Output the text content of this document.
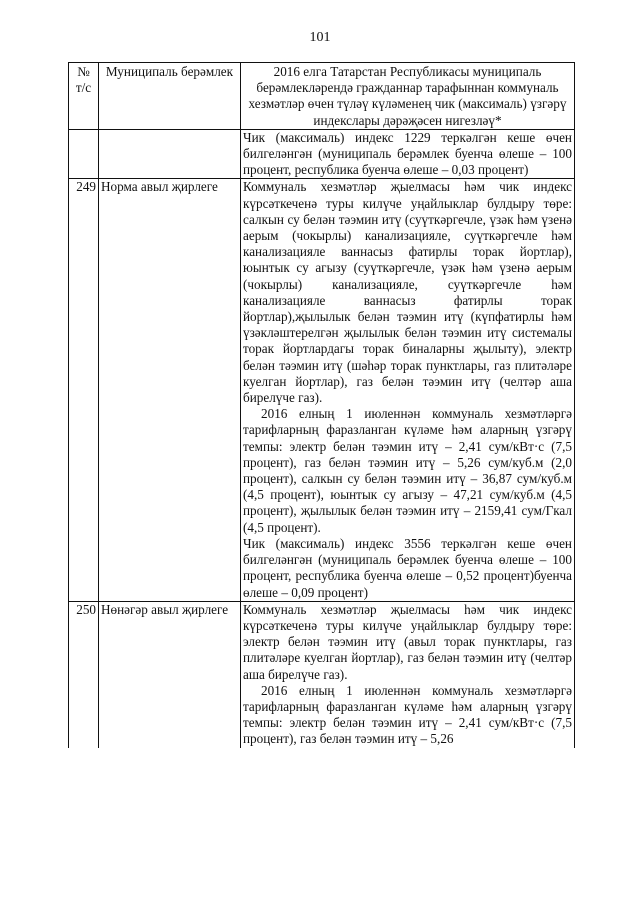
101
№ т/с	Муниципаль берәмлек	2016 елга Татарстан Республикасы муниципаль берәмлекләрендә гражданнар тарафыннан коммуналь хезмәтләр өчен түләү күләменең чик (максималь) үзгәрү индекслары дәрәҗәсен нигезләү*

		Чик (максималь) индекс 1229 теркәлгән кеше өчен билгеләнгән (муниципаль берәмлек буенча өлеше – 100 процент, республика буенча өлеше – 0,03 процент)

249	Норма авыл җирлеге	Коммуналь хезмәтләр җыелмасы һәм чик индекс күрсәткеченә туры килүче уңайлыклар булдыру төре: салкын су белән тәэмин итү (суүткәргечле, үзәк һәм үзенә аерым (чокырлы) канализацияле, суүткәргечле һәм канализацияле ваннасыз фатирлы торак йортлар), юынтык су агызу (суүткәргечле, үзәк һәм үзенә аерым (чокырлы) канализацияле, суүткәргечле һәм канализацияле ваннасыз фатирлы торак йортлар),җылылык белән тәэмин итү (күпфатирлы һәм үзәкләштерелгән җылылык белән тәэмин итү системалы торак йортлардагы торак биналарны җылыту), электр белән тәэмин итү (шәһәр торак пунктлары, газ плитәләре куелган йортлар), газ белән тәэмин итү (челтәр аша бирелүче газ).

2016 елның 1 июленнән коммуналь хезмәтләргә тарифларның фаразланган күләме һәм аларның үзгәрү темпы: электр белән тәэмин итү – 2,41 сум/кВт·с (7,5 процент), газ белән тәэмин итү – 5,26 сум/куб.м (2,0 процент), салкын су белән тәэмин итү – 36,87 сум/куб.м (4,5 процент), юынтык су агызу – 47,21 сум/куб.м (4,5 процент), җылылык белән тәэмин итү – 2159,41 сум/Гкал (4,5 процент).

Чик (максималь) индекс 3556 теркәлгән кеше өчен билгеләнгән (муниципаль берәмлек буенча өлеше – 100 процент, республика буенча өлеше – 0,52 процент)буенча өлеше – 0,09 процент)

250	Нөнәгәр авыл җирлеге	Коммуналь хезмәтләр җыелмасы һәм чик индекс күрсәткеченә туры килүче уңайлыклар булдыру төре: электр белән тәэмин итү (авыл торак пунктлары, газ плитәләре куелган йортлар), газ белән тәэмин итү (челтәр аша бирелүче газ).

2016 елның 1 июленнән коммуналь хезмәтләргә тарифларның фаразланган күләме һәм аларның үзгәрү темпы: электр белән тәэмин итү – 2,41 сум/кВт·с (7,5 процент), газ белән тәэмин итү – 5,26
